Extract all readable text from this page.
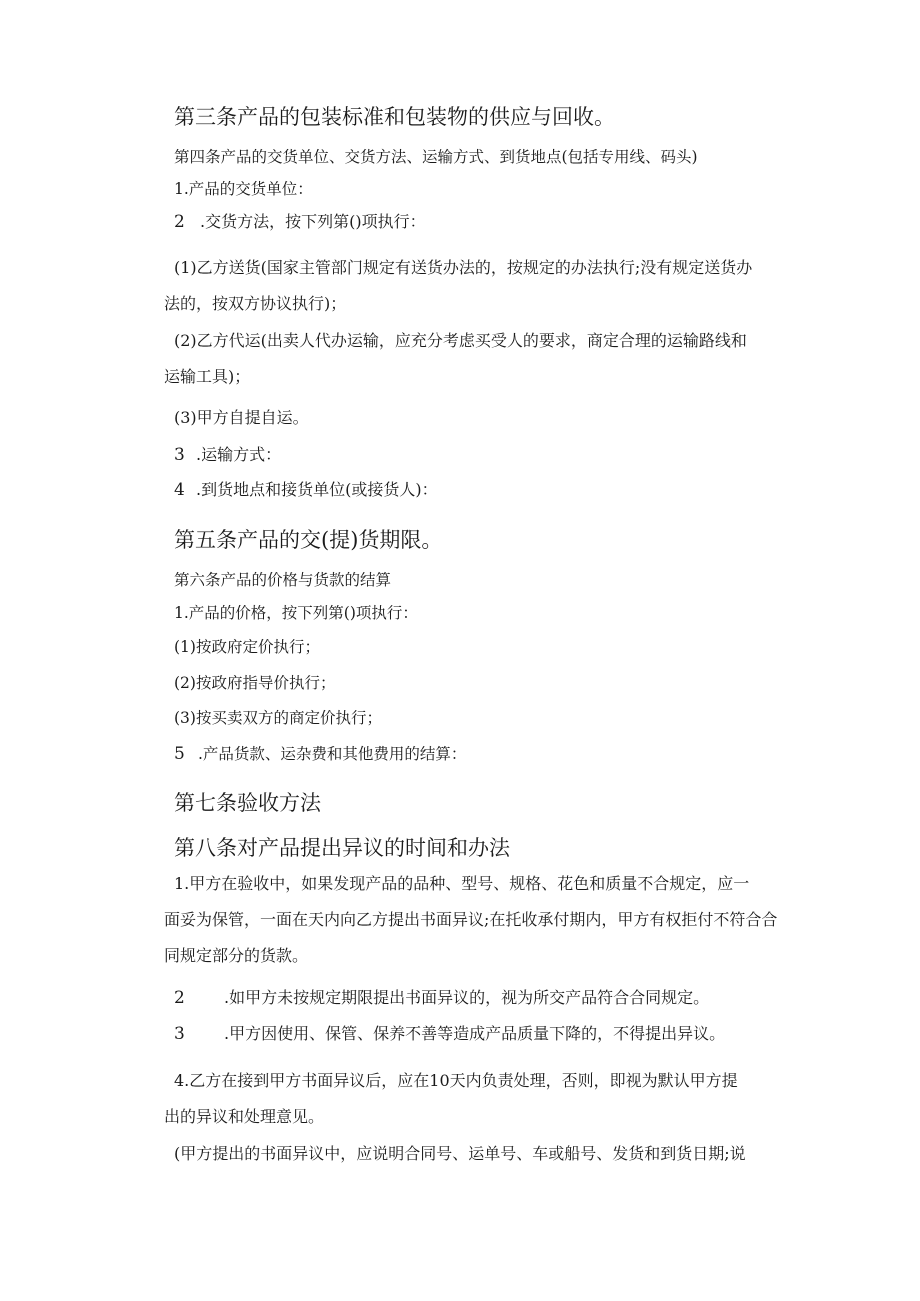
第三条产品的包装标准和包装物的供应与回收。

第四条产品的交货单位、交货方法、运输方式、到货地点(包括专用线、码头)

1.产品的交货单位：

2 .交货方法，按下列第()项执行：

(1)乙方送货(国家主管部门规定有送货办法的，按规定的办法执行;没有规定送货办

法的，按双方协议执行)；

(2)乙方代运(出卖人代办运输，应充分考虑买受人的要求，商定合理的运输路线和

运输工具)；

(3)甲方自提自运。

3 .运输方式：

4 .到货地点和接货单位(或接货人)：

第五条产品的交(提)货期限。

第六条产品的价格与货款的结算

1.产品的价格，按下列第()项执行：

(1)按政府定价执行；

(2)按政府指导价执行；

(3)按买卖双方的商定价执行；

5 .产品货款、运杂费和其他费用的结算：

第七条验收方法

第八条对产品提出异议的时间和办法

1.甲方在验收中，如果发现产品的品种、型号、规格、花色和质量不合规定，应一

面妥为保管，一面在天内向乙方提出书面异议;在托收承付期内，甲方有权拒付不符合合

同规定部分的货款。

2 .如甲方未按规定期限提出书面异议的，视为所交产品符合合同规定。

3 .甲方因使用、保管、保养不善等造成产品质量下降的，不得提出异议。

4.乙方在接到甲方书面异议后，应在10天内负责处理，否则，即视为默认甲方提

出的异议和处理意见。

(甲方提出的书面异议中，应说明合同号、运单号、车或船号、发货和到货日期;说
